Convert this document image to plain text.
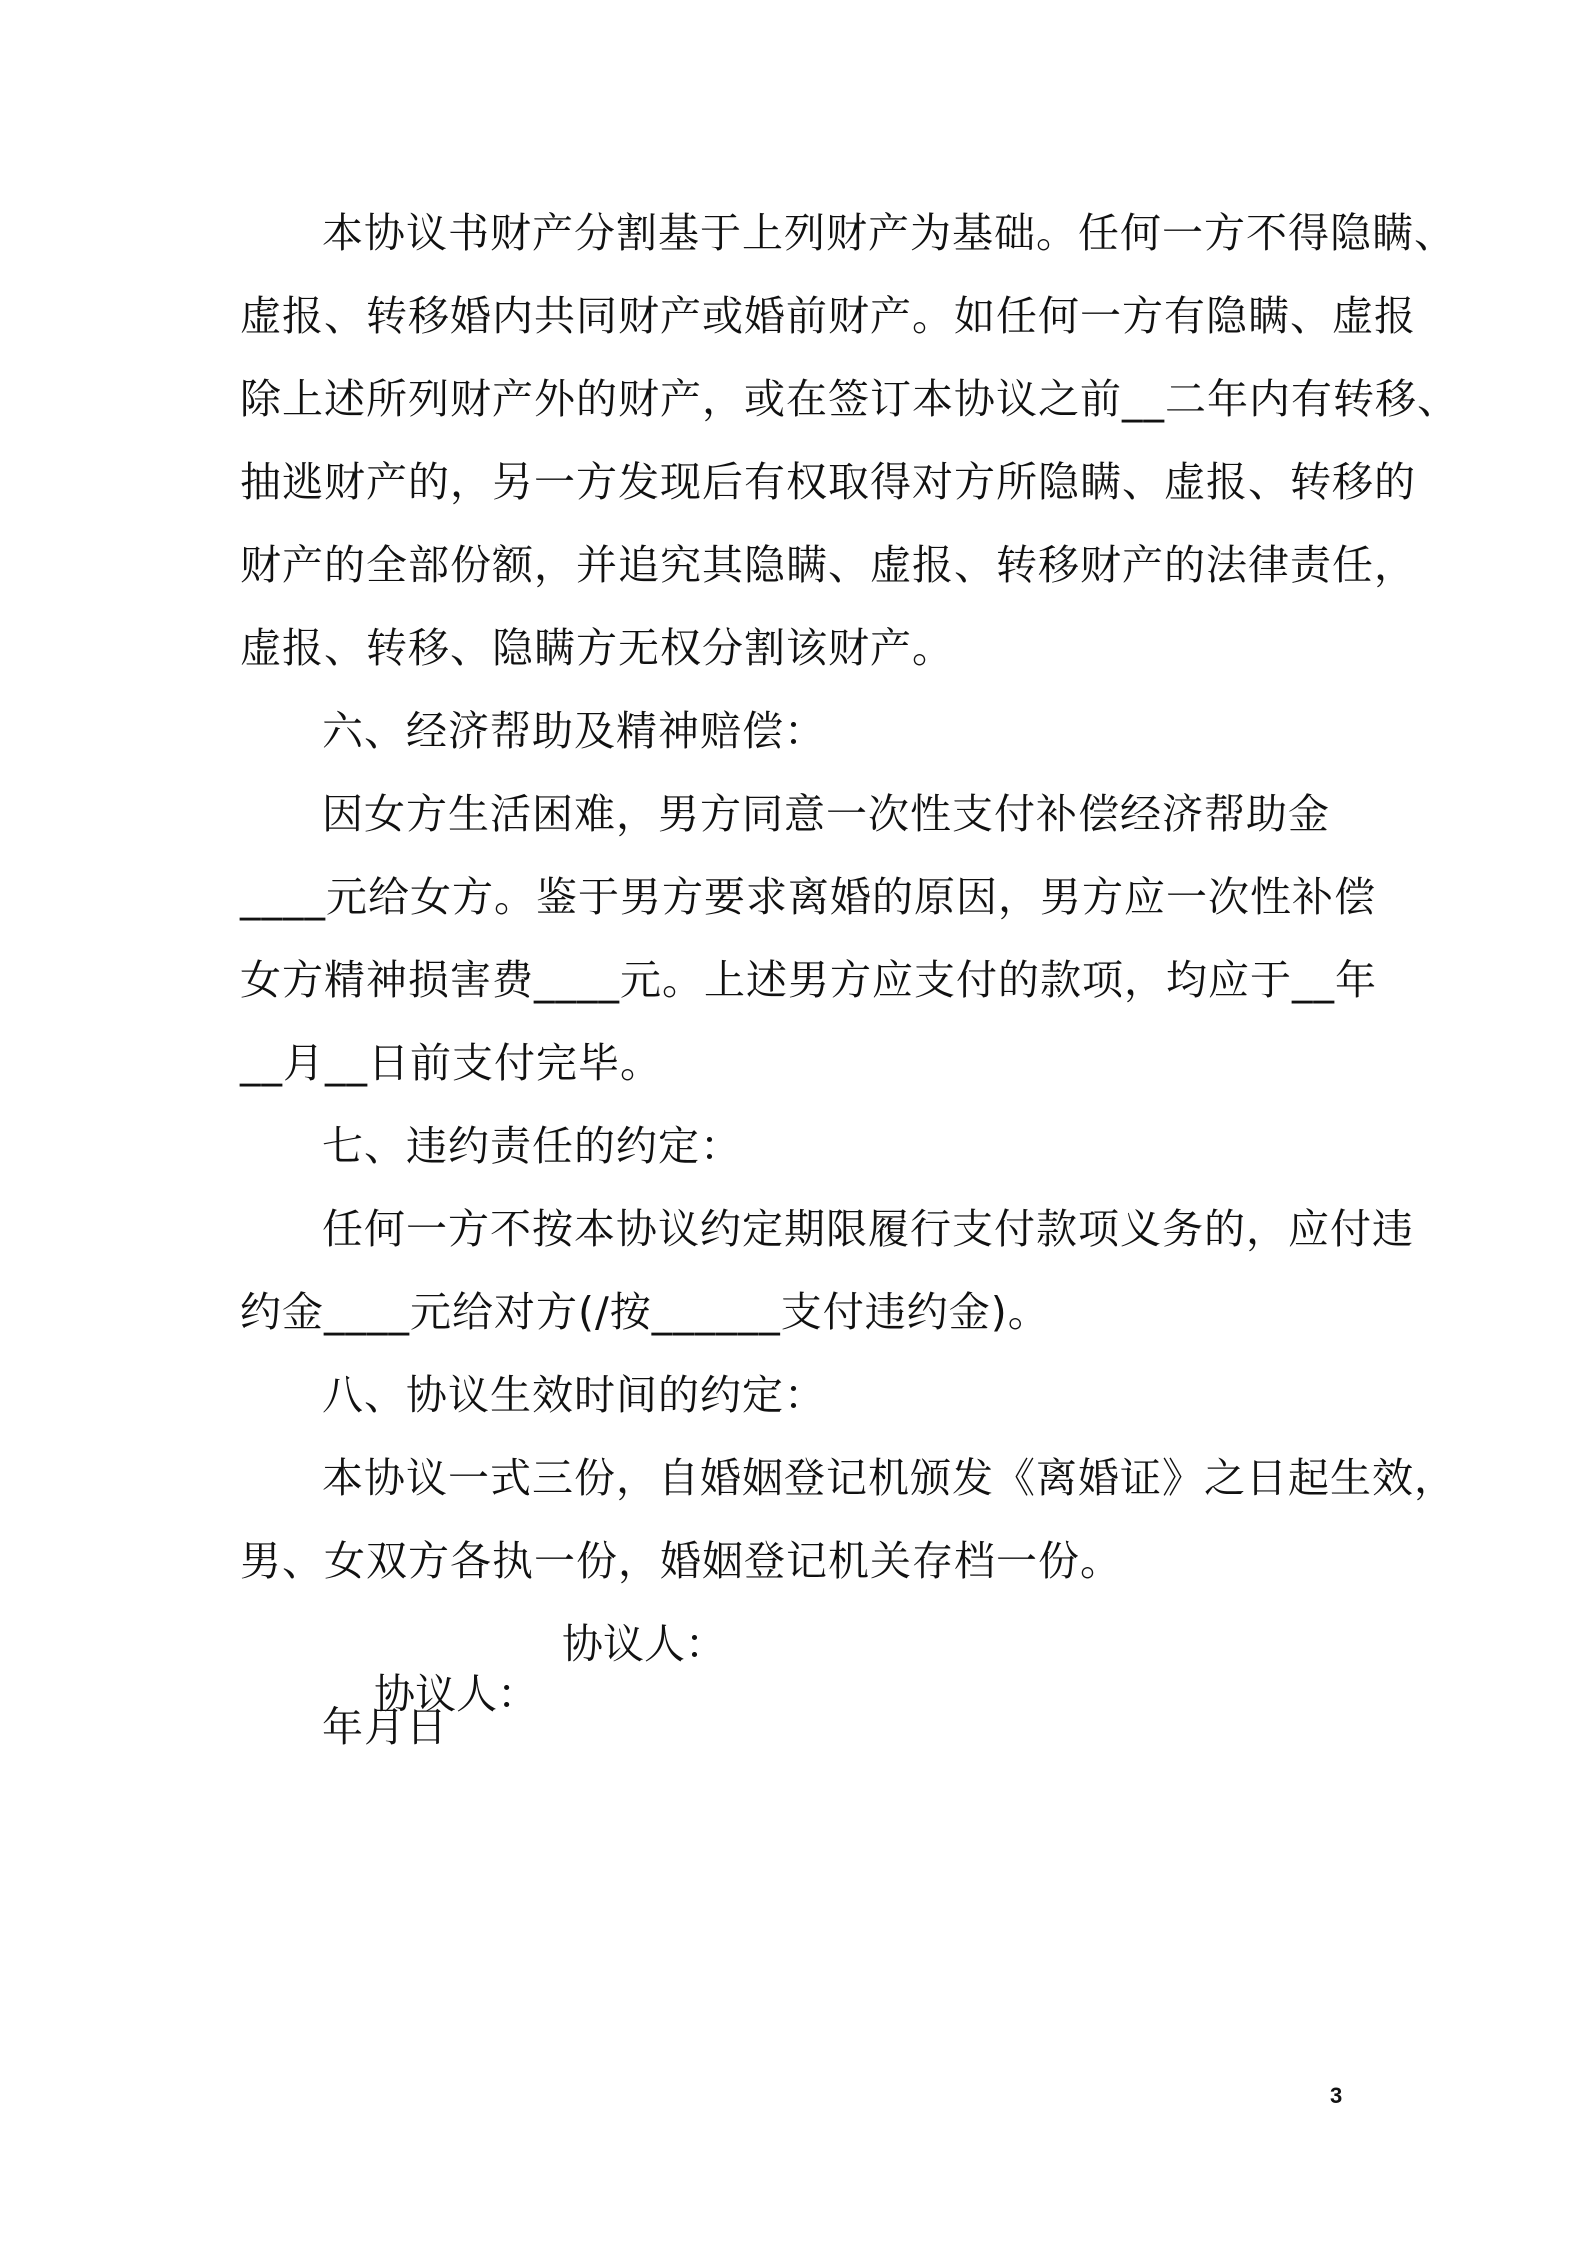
本协议书财产分割基于上列财产为基础。任何一方不得隐瞒、
虚报、转移婚内共同财产或婚前财产。如任何一方有隐瞒、虚报
除上述所列财产外的财产，或在签订本协议之前__二年内有转移、
抽逃财产的，另一方发现后有权取得对方所隐瞒、虚报、转移的
财产的全部份额，并追究其隐瞒、虚报、转移财产的法律责任，
虚报、转移、隐瞒方无权分割该财产。
六、经济帮助及精神赔偿：
因女方生活困难，男方同意一次性支付补偿经济帮助金
____元给女方。鉴于男方要求离婚的原因，男方应一次性补偿
女方精神损害费____元。上述男方应支付的款项，均应于__年
__月__日前支付完毕。
七、违约责任的约定：
任何一方不按本协议约定期限履行支付款项义务的，应付违
约金____元给对方(/按______支付违约金)。
八、协议生效时间的约定：
本协议一式三份，自婚姻登记机颁发《离婚证》之日起生效，
男、女双方各执一份，婚姻登记机关存档一份。

协议人：

协议人：

年月日
3
